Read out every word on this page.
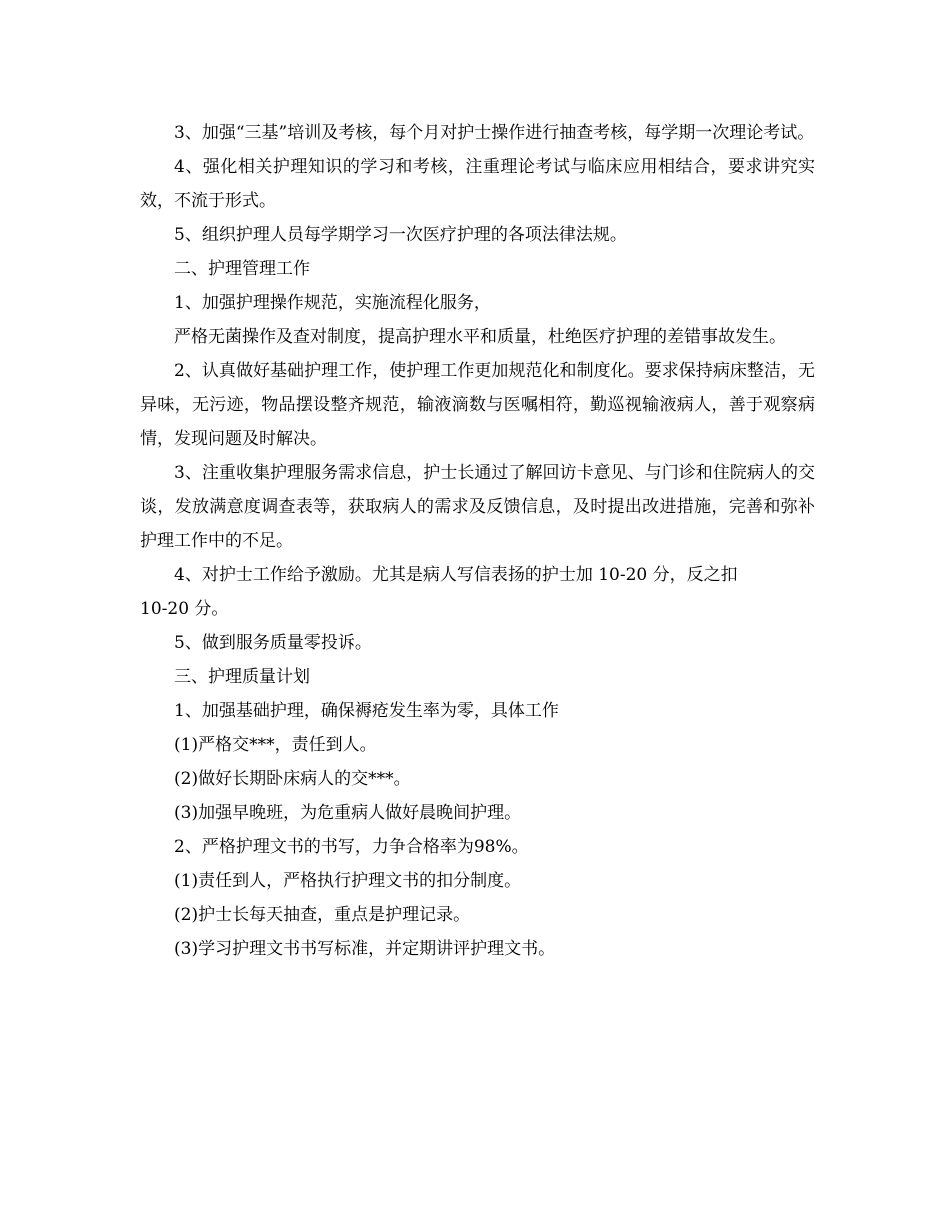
3、加强“三基”培训及考核，每个月对护士操作进行抽查考核，每学期一次理论考试。

4、强化相关护理知识的学习和考核，注重理论考试与临床应用相结合，要求讲究实效，不流于形式。

5、组织护理人员每学期学习一次医疗护理的各项法律法规。

二、护理管理工作

1、加强护理操作规范，实施流程化服务，

严格无菌操作及查对制度，提高护理水平和质量，杜绝医疗护理的差错事故发生。

2、认真做好基础护理工作，使护理工作更加规范化和制度化。要求保持病床整洁，无异味，无污迹，物品摆设整齐规范，输液滴数与医嘱相符，勤巡视输液病人，善于观察病情，发现问题及时解决。

3、注重收集护理服务需求信息，护士长通过了解回访卡意见、与门诊和住院病人的交谈，发放满意度调查表等，获取病人的需求及反馈信息，及时提出改进措施，完善和弥补护理工作中的不足。

4、对护士工作给予激励。尤其是病人写信表扬的护士加 10-20 分，反之扣

10-20 分。

5、做到服务质量零投诉。

三、护理质量计划

1、加强基础护理，确保褥疮发生率为零，具体工作

(1)严格交***，责任到人。

(2)做好长期卧床病人的交***。

(3)加强早晚班，为危重病人做好晨晚间护理。

2、严格护理文书的书写，力争合格率为98%。

(1)责任到人，严格执行护理文书的扣分制度。

(2)护士长每天抽查，重点是护理记录。

(3)学习护理文书书写标准，并定期讲评护理文书。
